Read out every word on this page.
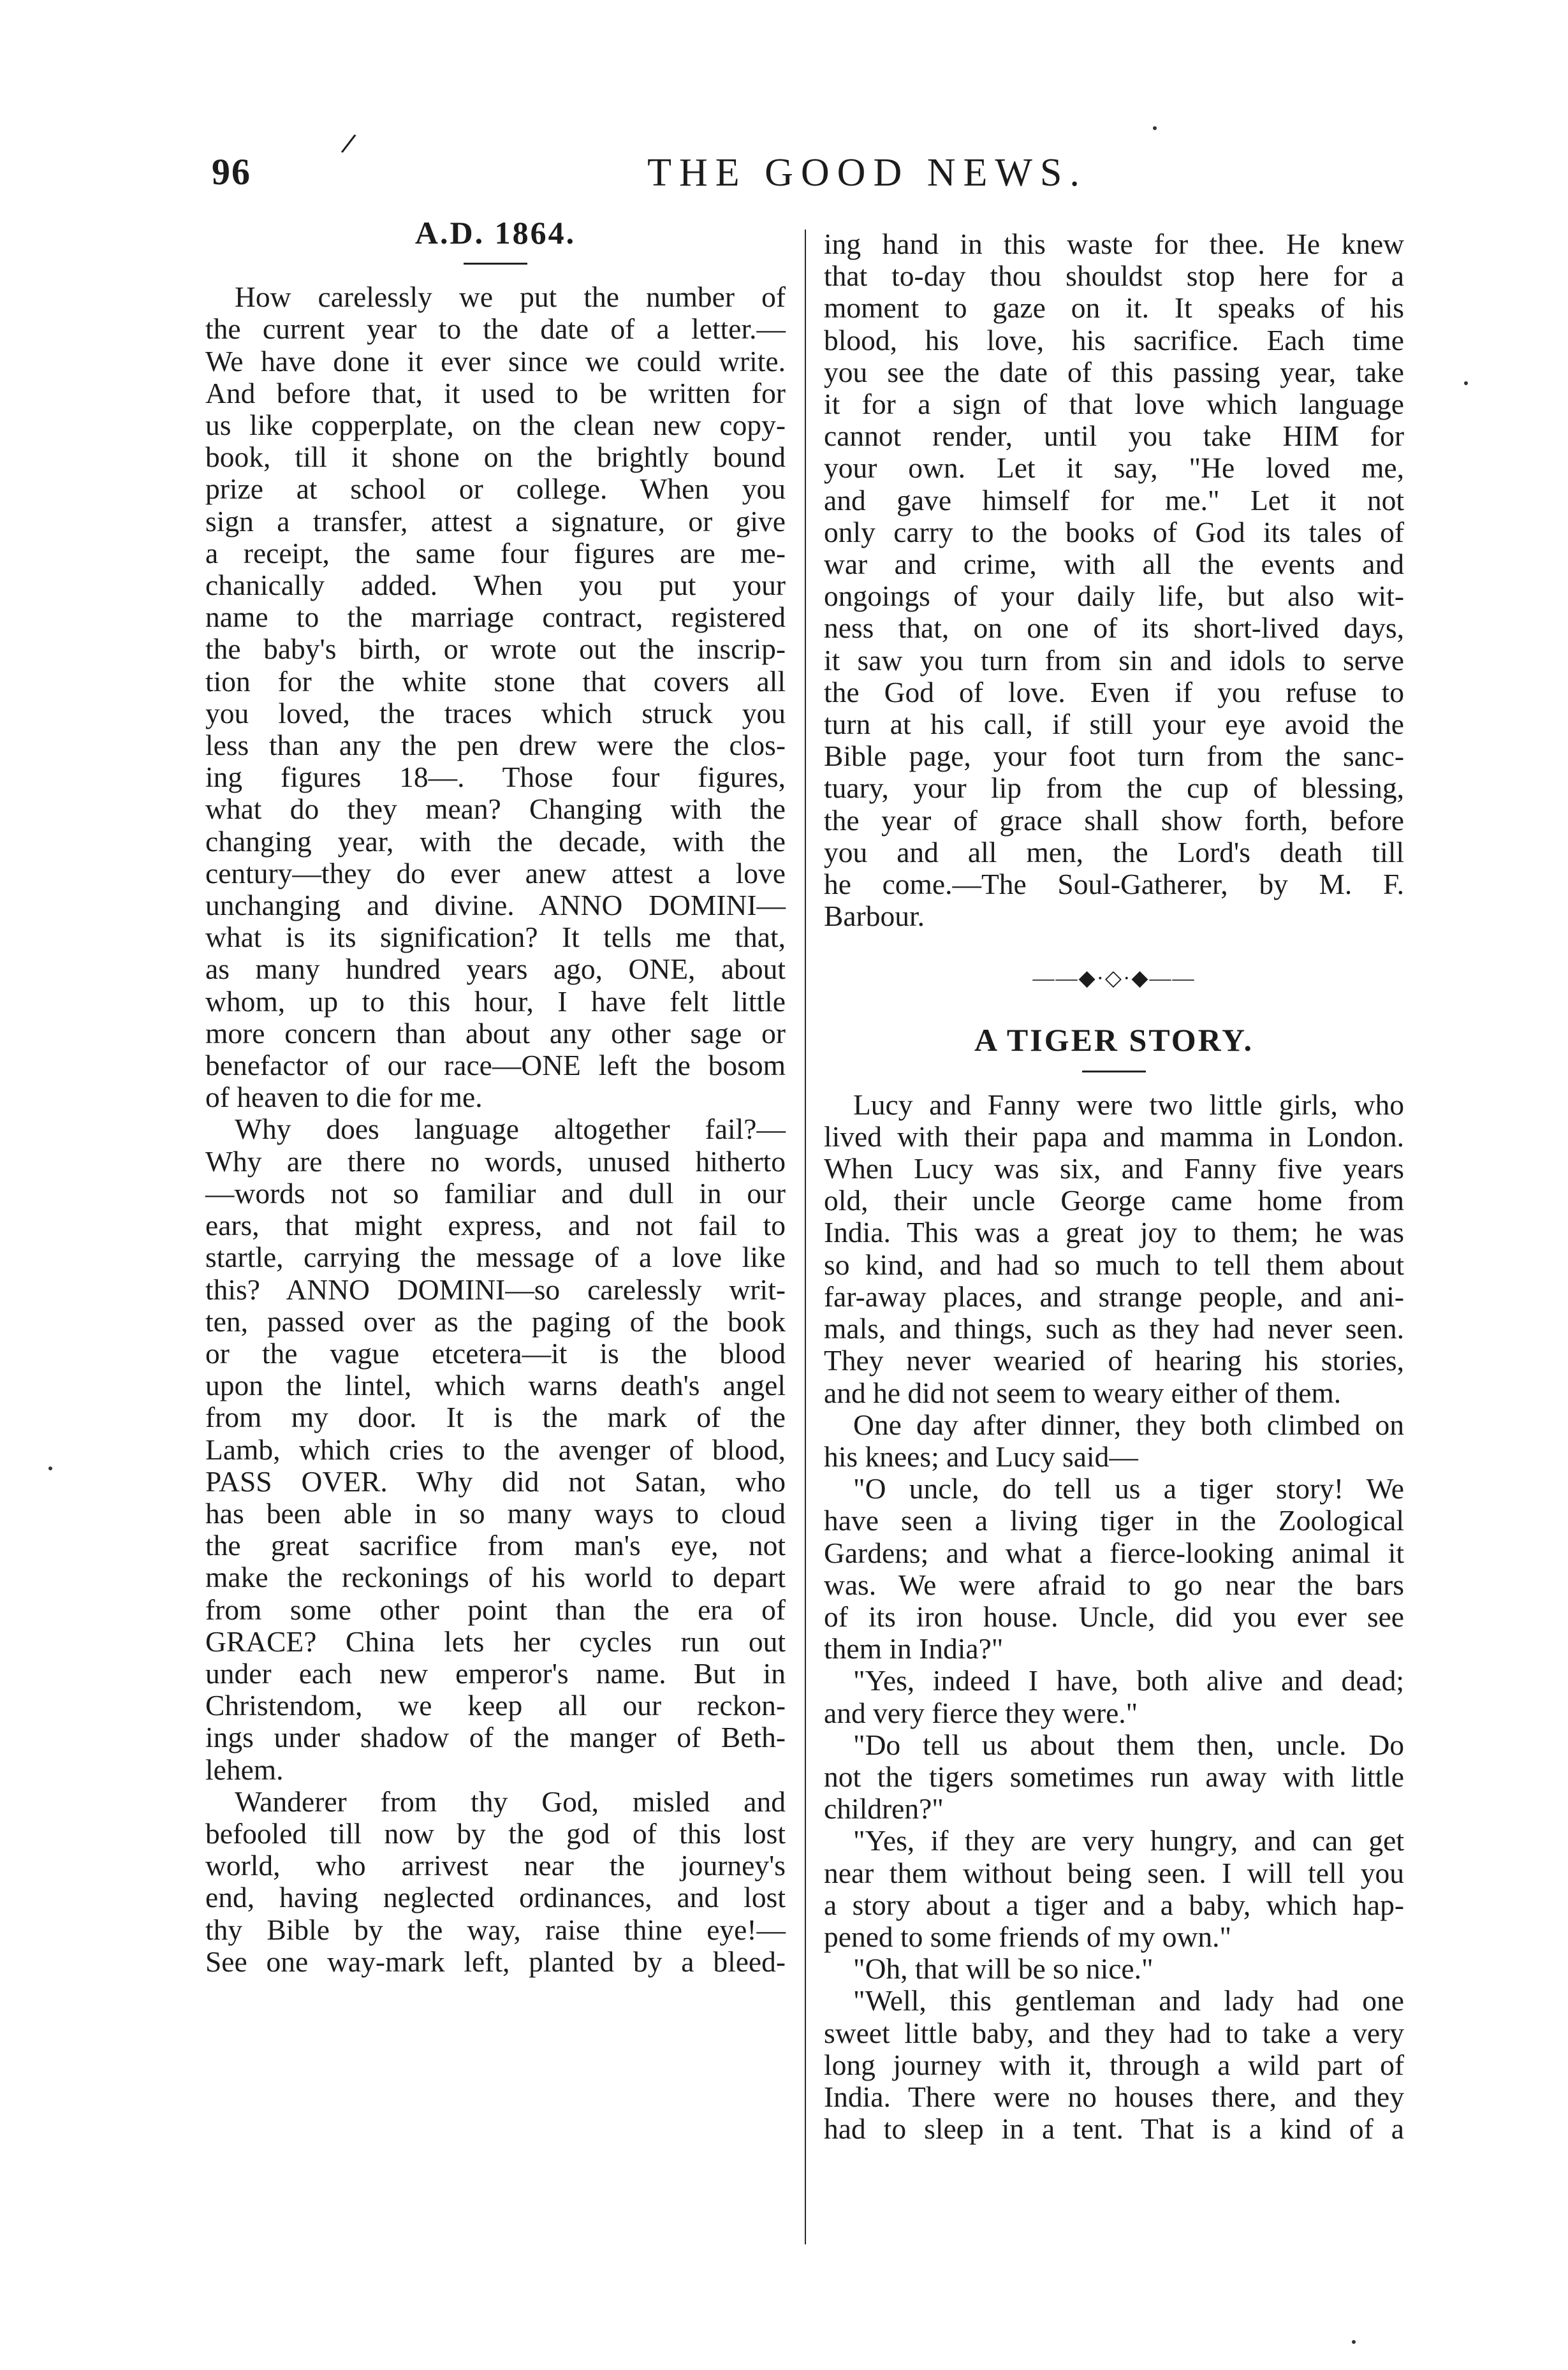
96
/
THE GOOD NEWS.
A.D. 1864.
How carelessly we put the number of
the current year to the date of a letter.—
We have done it ever since we could write.
And before that, it used to be written for
us like copperplate, on the clean new copy-
book, till it shone on the brightly bound
prize at school or college. When you
sign a transfer, attest a signature, or give
a receipt, the same four figures are me-
chanically added. When you put your
name to the marriage contract, registered
the baby's birth, or wrote out the inscrip-
tion for the white stone that covers all
you loved, the traces which struck you
less than any the pen drew were the clos-
ing figures 18—. Those four figures,
what do they mean? Changing with the
changing year, with the decade, with the
century—they do ever anew attest a love
unchanging and divine. ANNO DOMINI—
what is its signification? It tells me that,
as many hundred years ago, ONE, about
whom, up to this hour, I have felt little
more concern than about any other sage or
benefactor of our race—ONE left the bosom
of heaven to die for me.
Why does language altogether fail?—
Why are there no words, unused hitherto
—words not so familiar and dull in our
ears, that might express, and not fail to
startle, carrying the message of a love like
this? ANNO DOMINI—so carelessly writ-
ten, passed over as the paging of the book
or the vague etcetera—it is the blood
upon the lintel, which warns death's angel
from my door. It is the mark of the
Lamb, which cries to the avenger of blood,
PASS OVER. Why did not Satan, who
has been able in so many ways to cloud
the great sacrifice from man's eye, not
make the reckonings of his world to depart
from some other point than the era of
GRACE? China lets her cycles run out
under each new emperor's name. But in
Christendom, we keep all our reckon-
ings under shadow of the manger of Beth-
lehem.
Wanderer from thy God, misled and
befooled till now by the god of this lost
world, who arrivest near the journey's
end, having neglected ordinances, and lost
thy Bible by the way, raise thine eye!—
See one way-mark left, planted by a bleed-
ing hand in this waste for thee. He knew
that to-day thou shouldst stop here for a
moment to gaze on it. It speaks of his
blood, his love, his sacrifice. Each time
you see the date of this passing year, take
it for a sign of that love which language
cannot render, until you take HIM for
your own. Let it say, "He loved me,
and gave himself for me." Let it not
only carry to the books of God its tales of
war and crime, with all the events and
ongoings of your daily life, but also wit-
ness that, on one of its short-lived days,
it saw you turn from sin and idols to serve
the God of love. Even if you refuse to
turn at his call, if still your eye avoid the
Bible page, your foot turn from the sanc-
tuary, your lip from the cup of blessing,
the year of grace shall show forth, before
you and all men, the Lord's death till
he come.—The Soul-Gatherer, by M. F.
Barbour.
——◆·◇·◆——
A TIGER STORY.
Lucy and Fanny were two little girls, who
lived with their papa and mamma in London.
When Lucy was six, and Fanny five years
old, their uncle George came home from
India. This was a great joy to them; he was
so kind, and had so much to tell them about
far-away places, and strange people, and ani-
mals, and things, such as they had never seen.
They never wearied of hearing his stories,
and he did not seem to weary either of them.
One day after dinner, they both climbed on
his knees; and Lucy said—
"O uncle, do tell us a tiger story! We
have seen a living tiger in the Zoological
Gardens; and what a fierce-looking animal it
was. We were afraid to go near the bars
of its iron house. Uncle, did you ever see
them in India?"
"Yes, indeed I have, both alive and dead;
and very fierce they were."
"Do tell us about them then, uncle. Do
not the tigers sometimes run away with little
children?"
"Yes, if they are very hungry, and can get
near them without being seen. I will tell you
a story about a tiger and a baby, which hap-
pened to some friends of my own."
"Oh, that will be so nice."
"Well, this gentleman and lady had one
sweet little baby, and they had to take a very
long journey with it, through a wild part of
India. There were no houses there, and they
had to sleep in a tent. That is a kind of a
